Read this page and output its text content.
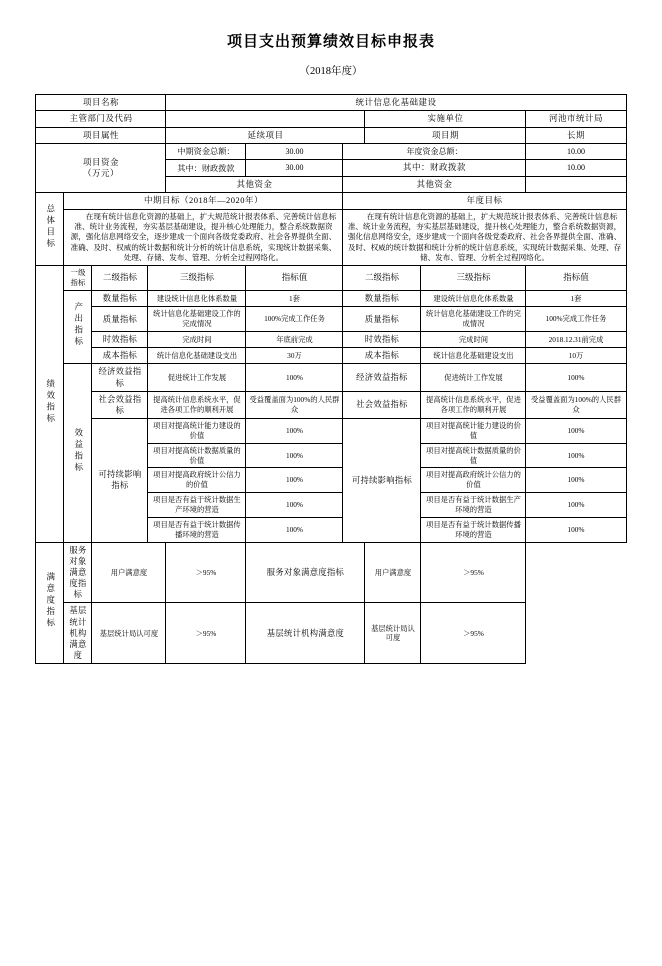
项目支出预算绩效目标申报表
（2018年度）
项目名称				统计信息化基础建设					
主管部门及代码							实施单位		河池市统计局
项目属性				延续项目			项目期		长期

项目资金
（万元）				中期资金总额：	30.00	年度资金总额：			10.00
				其中：财政拨款	30.00	其中：财政拨款			10.00
				其他资金		其他资金			
总体目标	中期目标（2018年—2020年）					年度目标			
	在现有统计信息化资源的基础上，扩大规范统计报表体系、完善统计信息标准、统计业务流程，夯实基层基础建设，提升核心处理能力，整合系统数据资源，强化信息网络安全，逐步建成一个面向各级党委政府、社会各界提供全面、准确、及时、权威的统计数据和统计分析的统计信息系统，实现统计数据采集、处理、存储、发布、管理、分析全过程网络化。					在现有统计信息化资源的基础上，扩大规范统计报表体系、完善统计信息标准、统计业务流程，夯实基层基础建设，提升核心处理能力，整合系统数据资源，强化信息网络安全，逐步建成一个面向各级党委政府、社会各界提供全面、准确、及时、权威的统计数据和统计分析的统计信息系统，实现统计数据采集、处理、存储、发布、管理、分析全过程网络化。			
绩效指标	一级指标	二级指标	三级指标		指标值	二级指标		三级指标	指标值
	产出指标	数量指标	建设统计信息化体系数量		1套	数量指标		建设统计信息化体系数量	1套
		质量指标	统计信息化基础建设工作的完成情况		100%完成工作任务	质量指标		统计信息化基础建设工作的完成情况	100%完成工作任务
		时效指标	完成时间		年底前完成	时效指标		完成时间	2018.12.31前完成
		成本指标	统计信息化基础建设支出		30万	成本指标		统计信息化基础建设支出	10万
	效益指标	经济效益指标	促进统计工作发展		100%	经济效益指标		促进统计工作发展	100%
		社会效益指标	提高统计信息系统水平，促进各项工作的顺利开展		受益覆盖面为100%的人民群众	社会效益指标		提高统计信息系统水平，促进各项工作的顺利开展	受益覆盖面为100%的人民群众
		可持续影响指标	项目对提高统计能力建设的价值		100%	可持续影响指标		项目对提高统计能力建设的价值	100%
			项目对提高统计数据质量的价值		100%			项目对提高统计数据质量的价值	100%
			项目对提高政府统计公信力的价值		100%			项目对提高政府统计公信力的价值	100%
			项目是否有益于统计数据生产环境的营造		100%			项目是否有益于统计数据生产环境的营造	100%
			项目是否有益于统计数据传播环境的营造		100%			项目是否有益于统计数据传播环境的营造	100%
满意度指标	服务对象满意度指标	用户满意度		＞95%	服务对象满意度指标		用户满意度	＞95%	
	基层统计机构满意度	基层统计局认可度		＞95%	基层统计机构满意度		基层统计局认可度	＞95%	
